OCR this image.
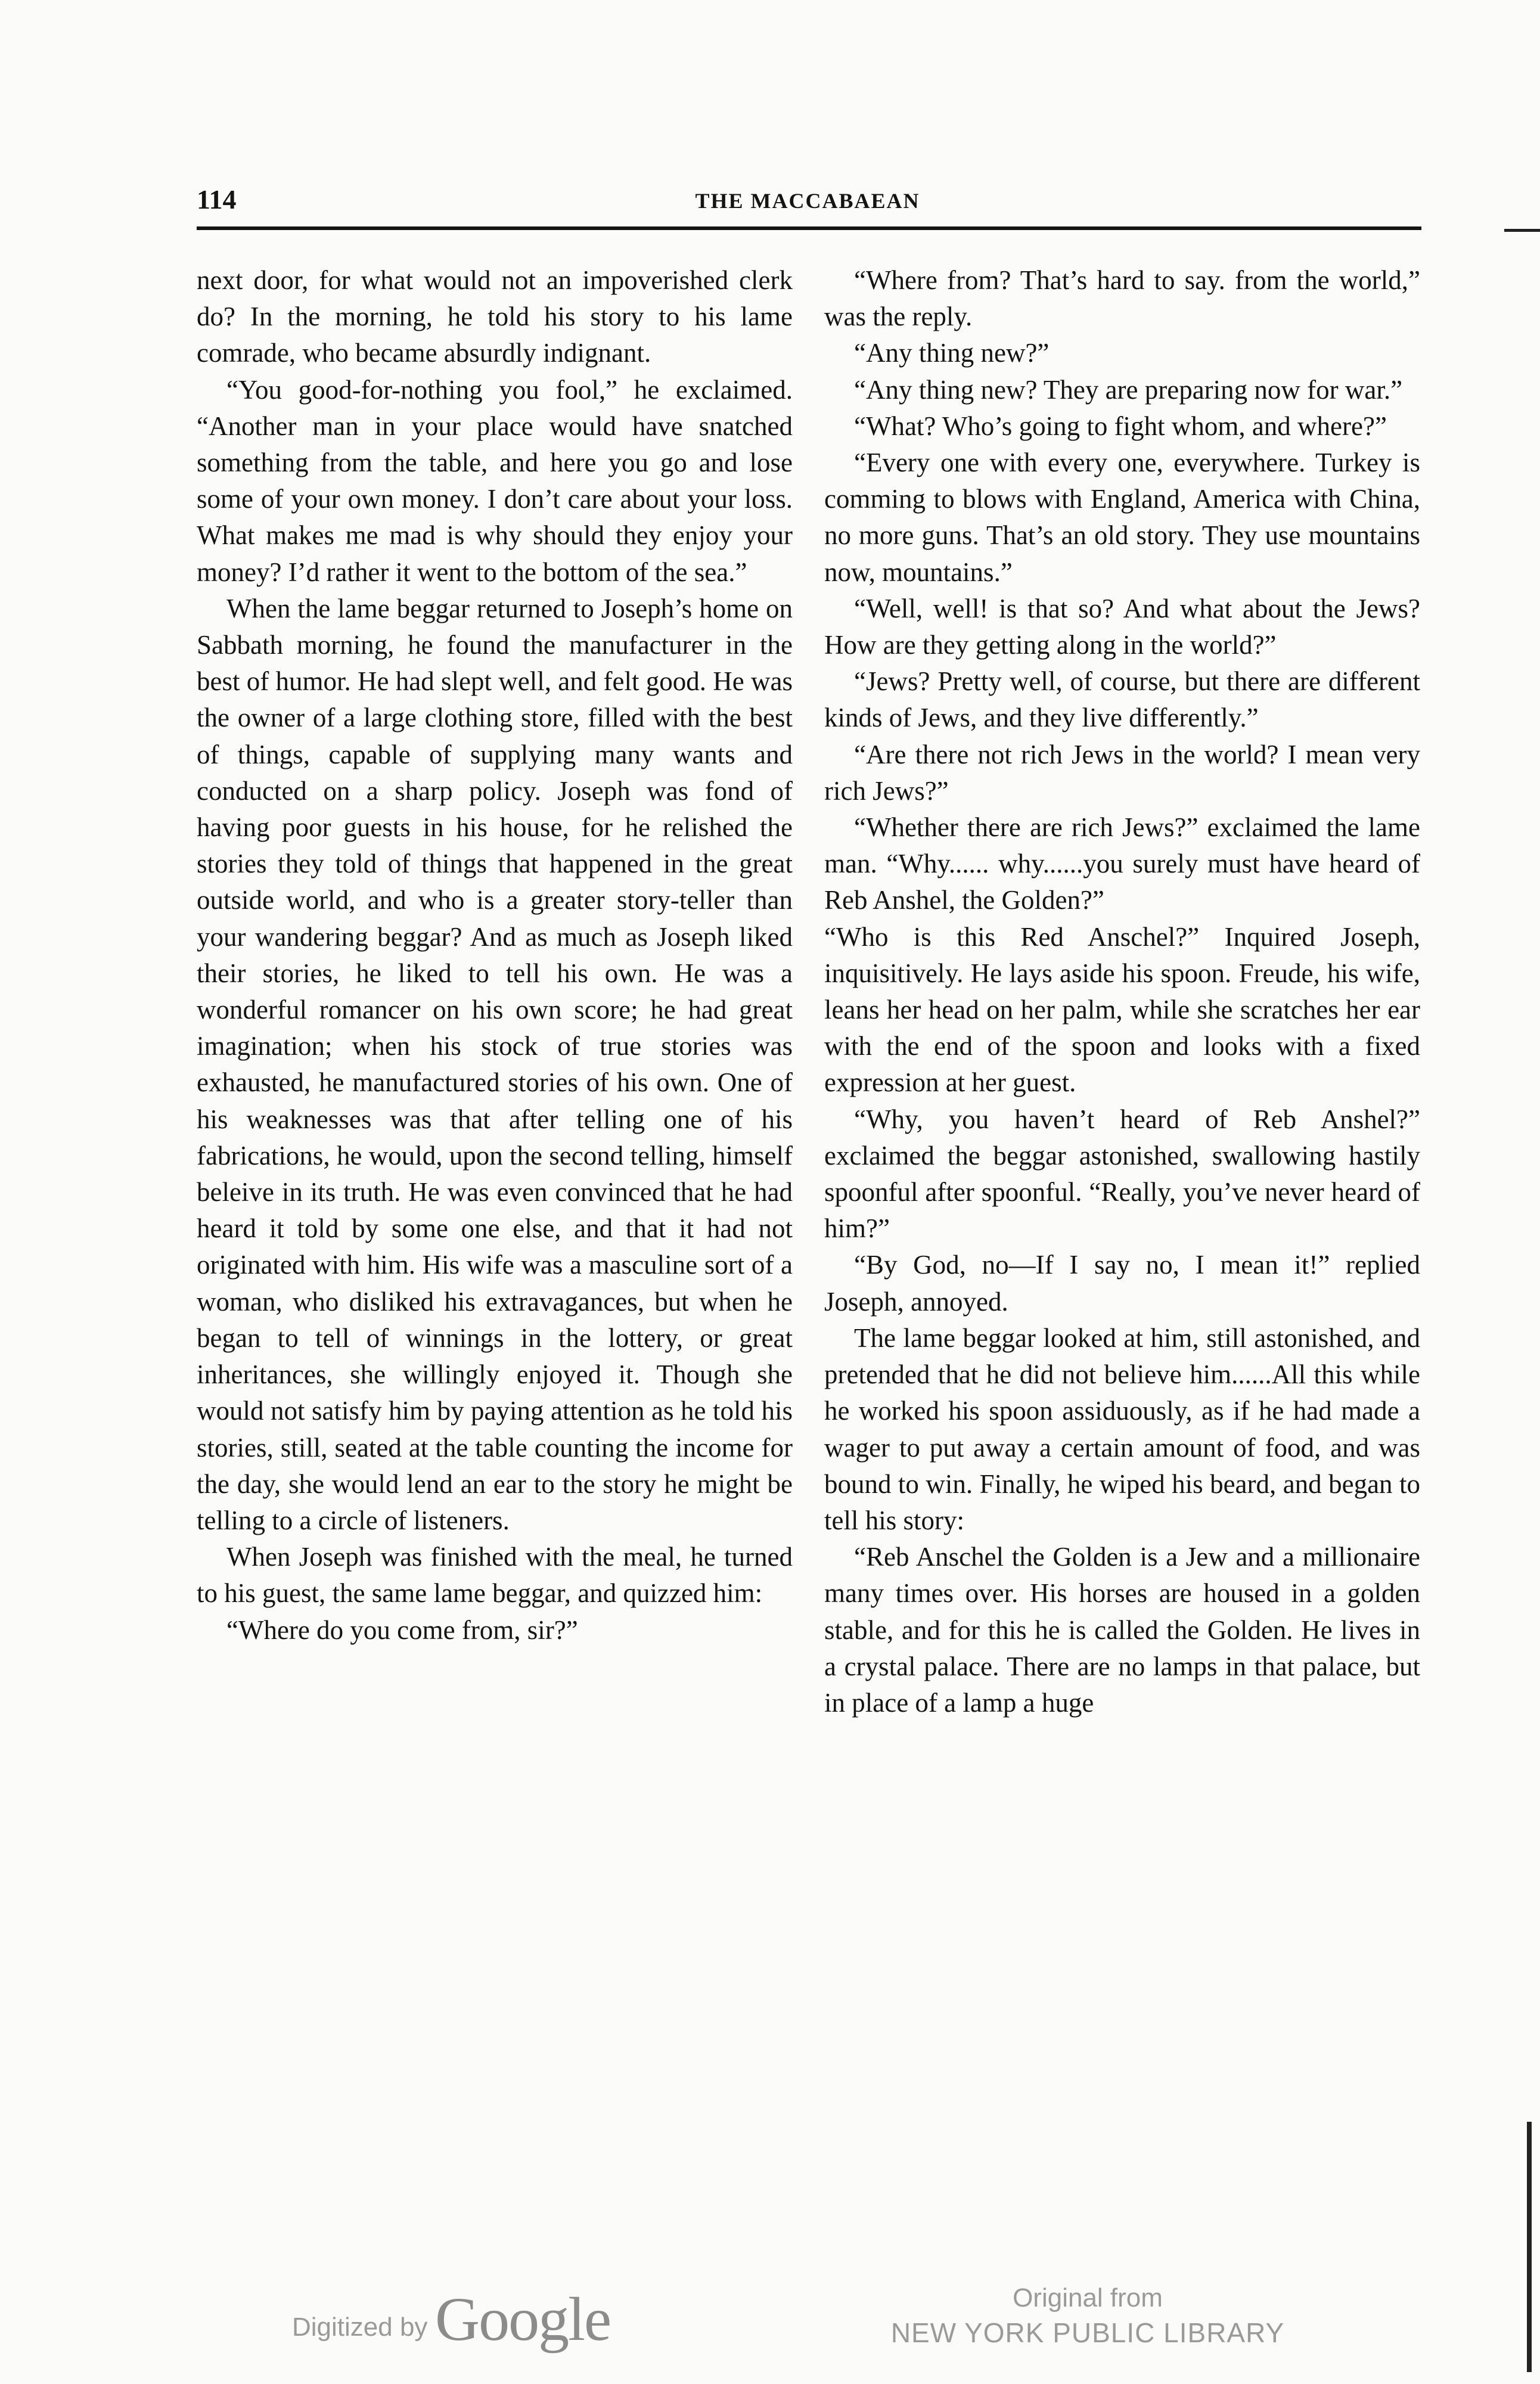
114	THE MACCABAEAN

next door, for what would not an impoverished clerk do? In the morning, he told his story to his lame comrade, who became absurdly indignant.

“You good-for-nothing you fool,” he exclaimed. “Another man in your place would have snatched something from the table, and here you go and lose some of your own money. I don’t care about your loss. What makes me mad is why should they enjoy your money? I’d rather it went to the bottom of the sea.”

When the lame beggar returned to Joseph’s home on Sabbath morning, he found the manufacturer in the best of humor. He had slept well, and felt good. He was the owner of a large clothing store, filled with the best of things, capable of supplying many wants and conducted on a sharp policy. Joseph was fond of having poor guests in his house, for he relished the stories they told of things that happened in the great outside world, and who is a greater story-teller than your wandering beggar? And as much as Joseph liked their stories, he liked to tell his own. He was a wonderful romancer on his own score; he had great imagination; when his stock of true stories was exhausted, he manufactured stories of his own. One of his weaknesses was that after telling one of his fabrications, he would, upon the second telling, himself beleive in its truth. He was even convinced that he had heard it told by some one else, and that it had not originated with him. His wife was a masculine sort of a woman, who disliked his extravagances, but when he began to tell of winnings in the lottery, or great inheritances, she willingly enjoyed it. Though she would not satisfy him by paying attention as he told his stories, still, seated at the table counting the income for the day, she would lend an ear to the story he might be telling to a circle of listeners.

When Joseph was finished with the meal, he turned to his guest, the same lame beggar, and quizzed him:

“Where do you come from, sir?”

“Where from? That’s hard to say. from the world,” was the reply.

“Any thing new?”

“Any thing new? They are preparing now for war.”

“What? Who’s going to fight whom, and where?”

“Every one with every one, everywhere. Turkey is comming to blows with England, America with China, no more guns. That’s an old story. They use mountains now, mountains.”

“Well, well! is that so? And what about the Jews? How are they getting along in the world?”

“Jews? Pretty well, of course, but there are different kinds of Jews, and they live differently.”

“Are there not rich Jews in the world? I mean very rich Jews?”

“Whether there are rich Jews?” exclaimed the lame man. “Why...... why......you surely must have heard of Reb Anshel, the Golden?”

“Who is this Red Anschel?” Inquired Joseph, inquisitively. He lays aside his spoon. Freude, his wife, leans her head on her palm, while she scratches her ear with the end of the spoon and looks with a fixed expression at her guest.

“Why, you haven’t heard of Reb Anshel?” exclaimed the beggar astonished, swallowing hastily spoonful after spoonful. “Really, you’ve never heard of him?”

“By God, no—If I say no, I mean it!” replied Joseph, annoyed.

The lame beggar looked at him, still astonished, and pretended that he did not believe him......All this while he worked his spoon assiduously, as if he had made a wager to put away a certain amount of food, and was bound to win. Finally, he wiped his beard, and began to tell his story:

“Reb Anschel the Golden is a Jew and a millionaire many times over. His horses are housed in a golden stable, and for this he is called the Golden. He lives in a crystal palace. There are no lamps in that palace, but in place of a lamp a huge

Digitized by Google	Original from
NEW YORK PUBLIC LIBRARY
